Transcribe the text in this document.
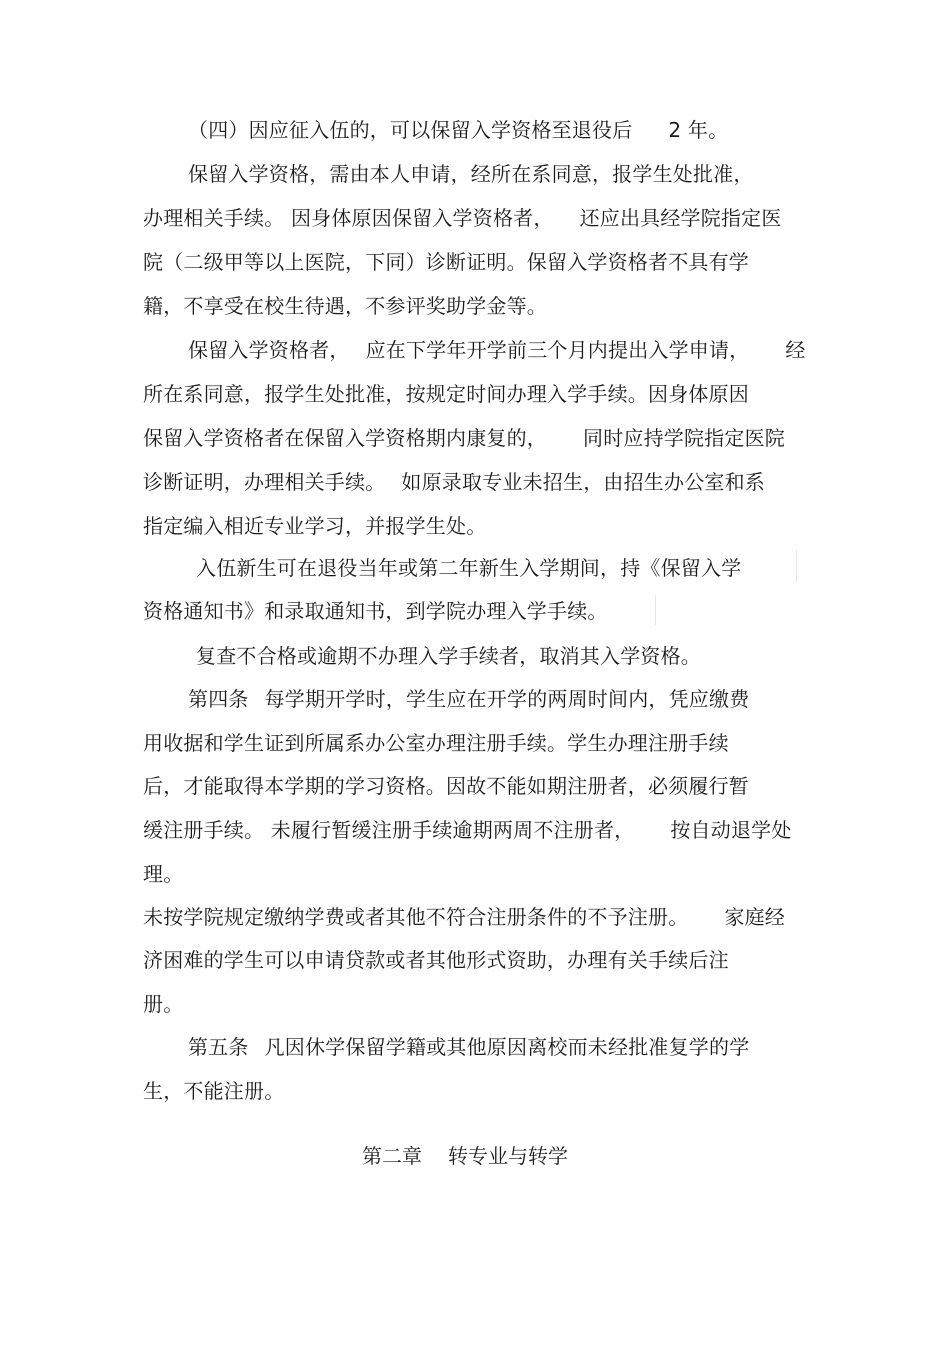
（四）因应征入伍的，可以保留入学资格至退役后 2 年。
保留入学资格，需由本人申请，经所在系同意，报学生处批准，
办理相关手续。 因身体原因保留入学资格者， 还应出具经学院指定医
院（二级甲等以上医院，下同）诊断证明。保留入学资格者不具有学
籍，不享受在校生待遇，不参评奖助学金等。
保留入学资格者， 应在下学年开学前三个月内提出入学申请， 经
所在系同意，报学生处批准，按规定时间办理入学手续。因身体原因
保留入学资格者在保留入学资格期内康复的， 同时应持学院指定医院
诊断证明，办理相关手续。 如原录取专业未招生，由招生办公室和系
指定编入相近专业学习，并报学生处。
入伍新生可在退役当年或第二年新生入学期间，持《保留入学
资格通知书》和录取通知书，到学院办理入学手续。
复查不合格或逾期不办理入学手续者，取消其入学资格。
第四条 每学期开学时，学生应在开学的两周时间内，凭应缴费
用收据和学生证到所属系办公室办理注册手续。学生办理注册手续
后，才能取得本学期的学习资格。因故不能如期注册者，必须履行暂
缓注册手续。 未履行暂缓注册手续逾期两周不注册者， 按自动退学处
理。
未按学院规定缴纳学费或者其他不符合注册条件的不予注册。 家庭经
济困难的学生可以申请贷款或者其他形式资助，办理有关手续后注
册。
第五条 凡因休学保留学籍或其他原因离校而未经批准复学的学
生，不能注册。
第二章 转专业与转学
